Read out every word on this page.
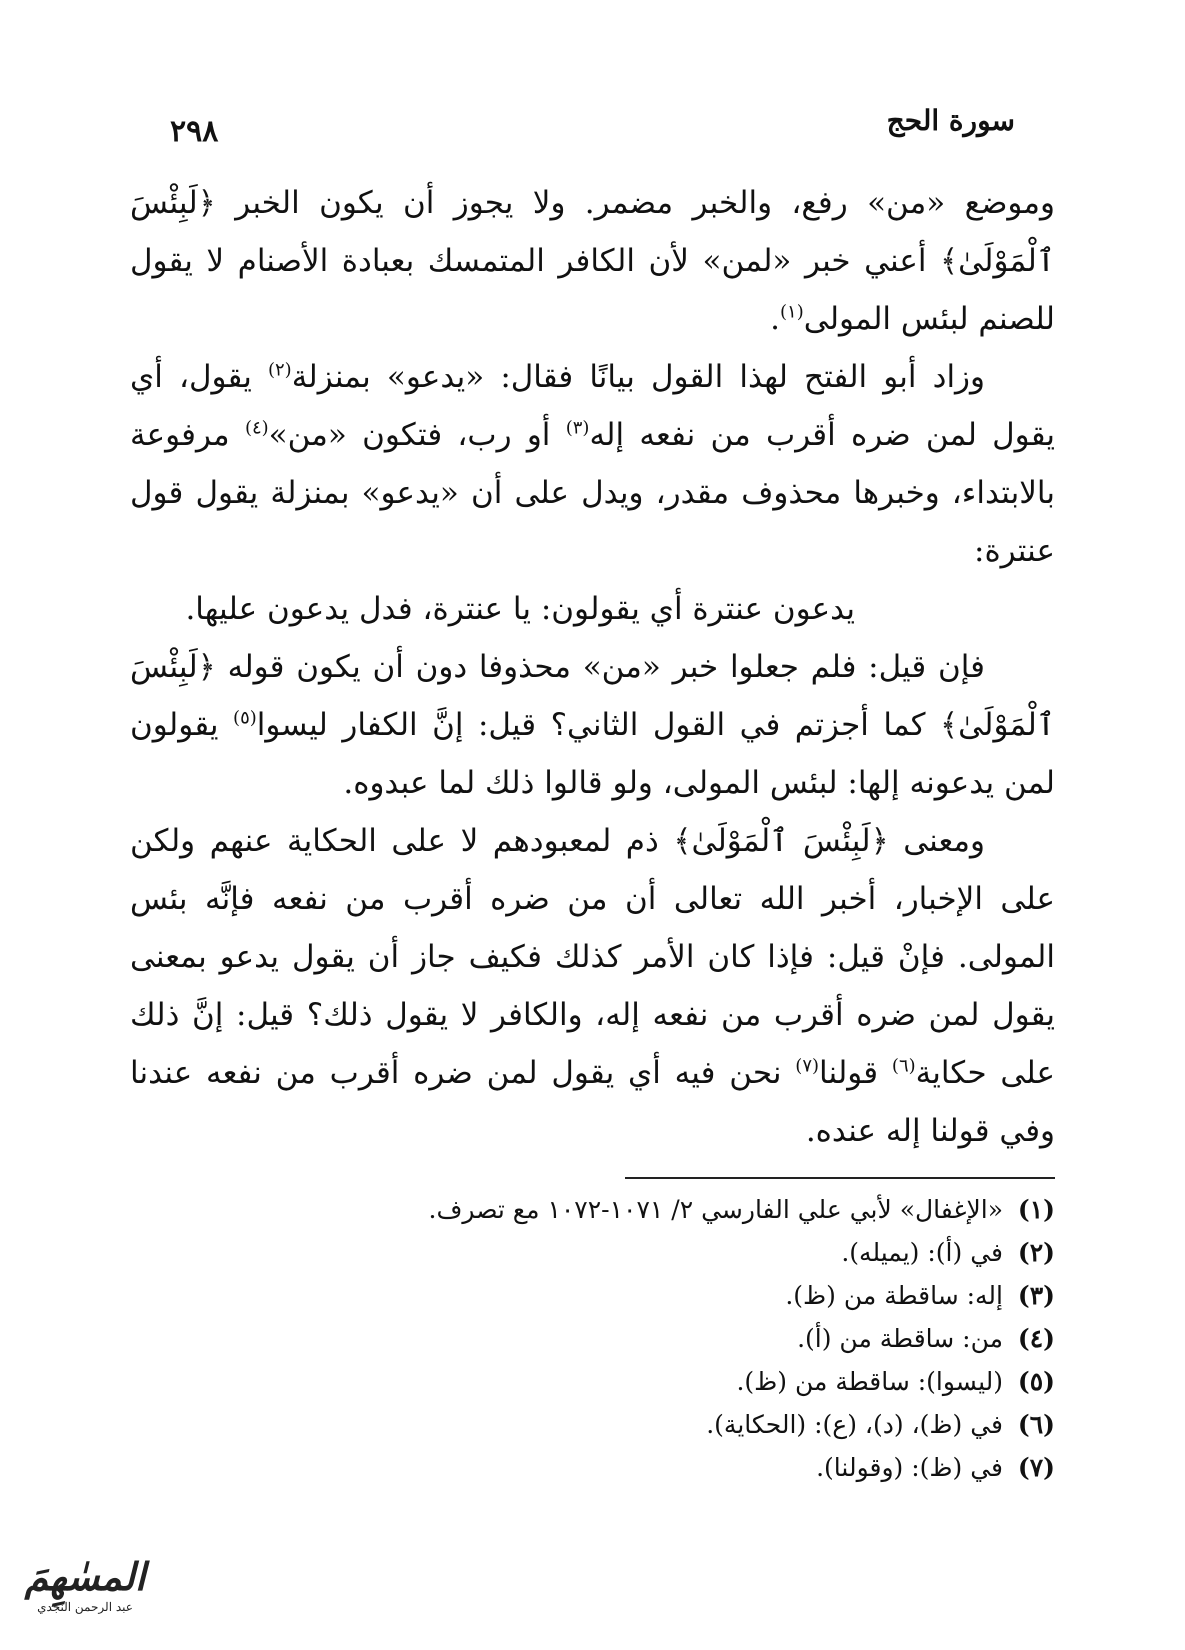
سورة الحج
٢٩٨

وموضع «من» رفع، والخبر مضمر. ولا يجوز أن يكون الخبر ﴿لَبِئْسَ ٱلْمَوْلَىٰ﴾ أعني خبر «لمن» لأن الكافر المتمسك بعبادة الأصنام لا يقول للصنم لبئس المولى$^{(١)}$.

وزاد أبو الفتح لهذا القول بيانًا فقال: «يدعو» بمنزلة$^{(٢)}$ يقول، أي يقول لمن ضره أقرب من نفعه إله$^{(٣)}$ أو رب، فتكون «من»$^{(٤)}$ مرفوعة بالابتداء، وخبرها محذوف مقدر، ويدل على أن «يدعو» بمنزلة يقول قول عنترة:

يدعون عنترة أي يقولون: يا عنترة، فدل يدعون عليها.

فإن قيل: فلم جعلوا خبر «من» محذوفا دون أن يكون قوله ﴿لَبِئْسَ ٱلْمَوْلَىٰ﴾ كما أجزتم في القول الثاني؟ قيل: إنَّ الكفار ليسوا$^{(٥)}$ يقولون لمن يدعونه إلها: لبئس المولى، ولو قالوا ذلك لما عبدوه.

ومعنى ﴿لَبِئْسَ ٱلْمَوْلَىٰ﴾ ذم لمعبودهم لا على الحكاية عنهم ولكن على الإخبار، أخبر الله تعالى أن من ضره أقرب من نفعه فإنَّه بئس المولى. فإنْ قيل: فإذا كان الأمر كذلك فكيف جاز أن يقول يدعو بمعنى يقول لمن ضره أقرب من نفعه إله، والكافر لا يقول ذلك؟ قيل: إنَّ ذلك على حكاية$^{(٦)}$ قولنا$^{(٧)}$ نحن فيه أي يقول لمن ضره أقرب من نفعه عندنا وفي قولنا إله عنده.

(١)«الإغفال» لأبي علي الفارسي ٢/ ١٠٧١-١٠٧٢ مع تصرف.
(٢)في (أ): (يميله).
(٣)إله: ساقطة من (ظ).
(٤)من: ساقطة من (أ).
(٥)(ليسوا): ساقطة من (ظ).
(٦)في (ظ)، (د)، (ع): (الحكاية).
(٧)في (ظ): (وقولنا).
المسٰهِمَ
عبد الرحمن النجدي
